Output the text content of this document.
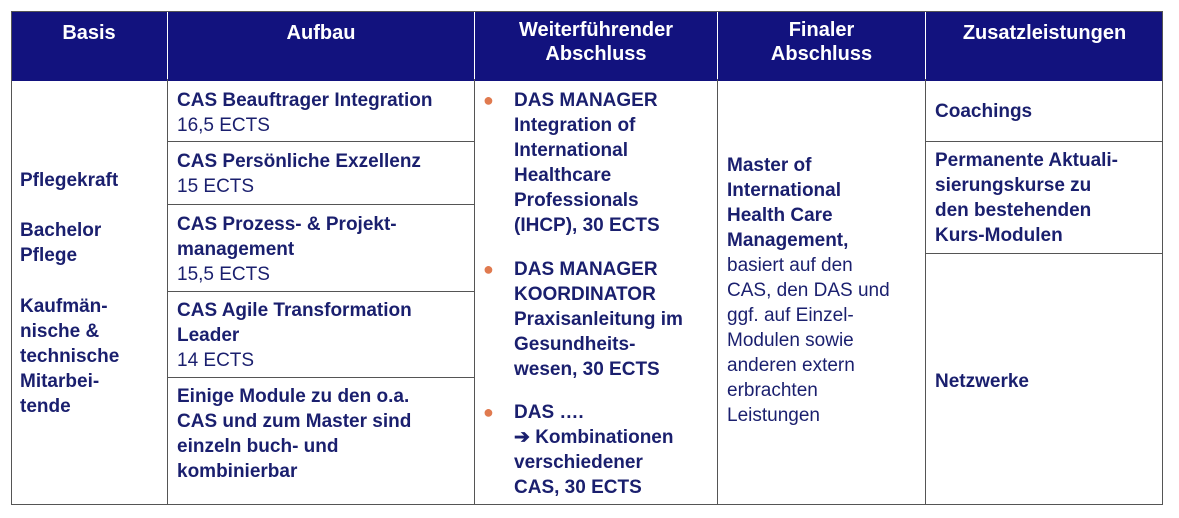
Basis
Pflegekraft
Bachelor
Pflege
Kaufmän-
nische &
technische
Mitarbei-
tende
Aufbau
CAS Beauftrager Integration
16,5 ECTS
CAS Persönliche Exzellenz
15 ECTS
CAS Prozess- & Projekt-
management
15,5 ECTS
CAS Agile Transformation
Leader
14 ECTS
Einige Module zu den o.a.
CAS und zum Master sind
einzeln buch- und
kombinierbar
Weiterführender
Abschluss
● DAS MANAGER
Integration of
International
Healthcare
Professionals
(IHCP), 30 ECTS
● DAS MANAGER
KOORDINATOR
Praxisanleitung im
Gesundheits-
wesen, 30 ECTS
● DAS ….
➔ Kombinationen
verschiedener
CAS, 30 ECTS
Finaler
Abschluss
Master of
International
Health Care
Management,
basiert auf den
CAS, den DAS und
ggf. auf Einzel-
Modulen sowie
anderen extern
erbrachten
Leistungen
Zusatzleistungen
Coachings
Permanente Aktuali-
sierungskurse zu
den bestehenden
Kurs-Modulen
Netzwerke
